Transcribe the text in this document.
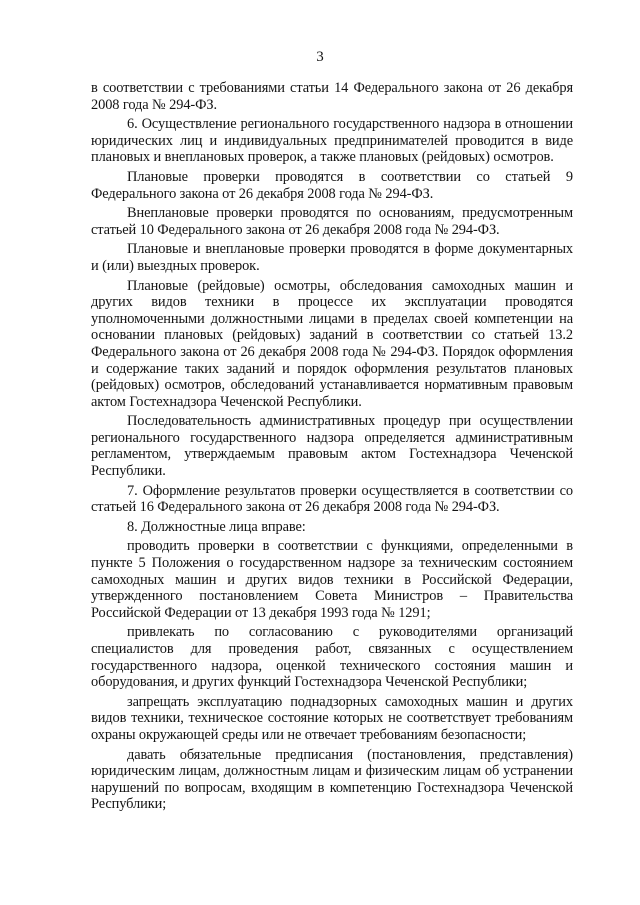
3

в соответствии с требованиями статьи 14 Федерального закона от 26 декабря 2008 года № 294-ФЗ.

6. Осуществление регионального государственного надзора в отношении юридических лиц и индивидуальных предпринимателей проводится в виде плановых и внеплановых проверок, а также плановых (рейдовых) осмотров.

Плановые проверки проводятся в соответствии со статьей 9 Федерального закона от 26 декабря 2008 года № 294-ФЗ.

Внеплановые проверки проводятся по основаниям, предусмотренным статьей 10 Федерального закона от 26 декабря 2008 года № 294-ФЗ.

Плановые и внеплановые проверки проводятся в форме документарных и (или) выездных проверок.

Плановые (рейдовые) осмотры, обследования самоходных машин и других видов техники в процессе их эксплуатации проводятся уполномоченными должностными лицами в пределах своей компетенции на основании плановых (рейдовых) заданий в соответствии со статьей 13.2 Федерального закона от 26 декабря 2008 года № 294-ФЗ. Порядок оформления и содержание таких заданий и порядок оформления результатов плановых (рейдовых) осмотров, обследований устанавливается нормативным правовым актом Гостехнадзора Чеченской Республики.

Последовательность административных процедур при осуществлении регионального государственного надзора определяется административным регламентом, утверждаемым правовым актом Гостехнадзора Чеченской Республики.

7. Оформление результатов проверки осуществляется в соответствии со статьей 16 Федерального закона от 26 декабря 2008 года № 294-ФЗ.

8. Должностные лица вправе:

проводить проверки в соответствии с функциями, определенными в пункте 5 Положения о государственном надзоре за техническим состоянием самоходных машин и других видов техники в Российской Федерации, утвержденного постановлением Совета Министров – Правительства Российской Федерации от 13 декабря 1993 года № 1291;

привлекать по согласованию с руководителями организаций специалистов для проведения работ, связанных с осуществлением государственного надзора, оценкой технического состояния машин и оборудования, и других функций Гостехнадзора Чеченской Республики;

запрещать эксплуатацию поднадзорных самоходных машин и других видов техники, техническое состояние которых не соответствует требованиям охраны окружающей среды или не отвечает требованиям безопасности;

давать обязательные предписания (постановления, представления) юридическим лицам, должностным лицам и физическим лицам об устранении нарушений по вопросам, входящим в компетенцию Гостехнадзора Чеченской Республики;
